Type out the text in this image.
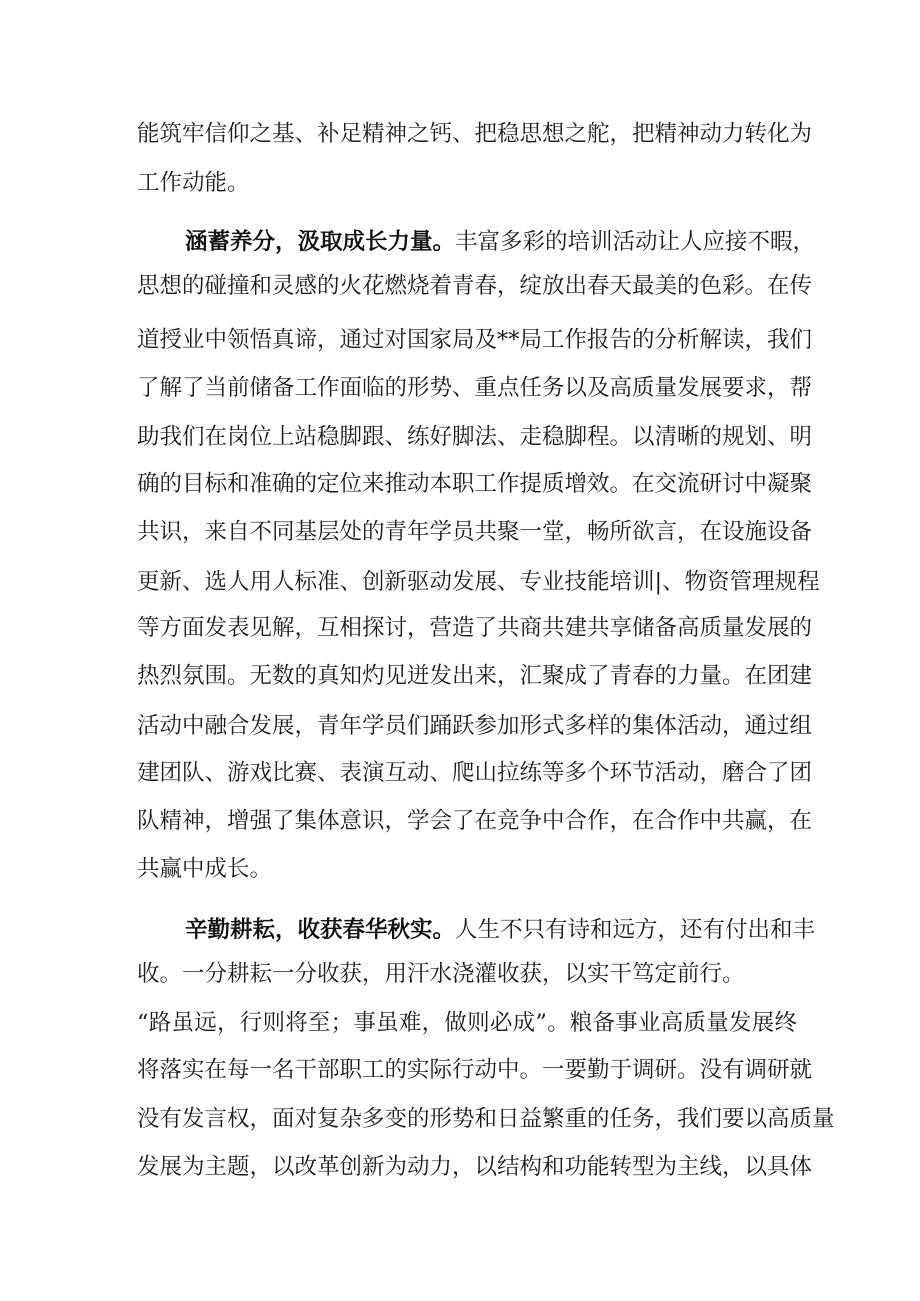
能筑牢信仰之基、补足精神之钙、把稳思想之舵，把精神动力转化为
工作动能。
涵蓄养分，汲取成长力量。丰富多彩的培训活动让人应接不暇，
思想的碰撞和灵感的火花燃烧着青春，绽放出春天最美的色彩。在传
道授业中领悟真谛，通过对国家局及**局工作报告的分析解读，我们
了解了当前储备工作面临的形势、重点任务以及高质量发展要求，帮
助我们在岗位上站稳脚跟、练好脚法、走稳脚程。以清晰的规划、明
确的目标和准确的定位来推动本职工作提质增效。在交流研讨中凝聚
共识，来自不同基层处的青年学员共聚一堂，畅所欲言，在设施设备
更新、选人用人标准、创新驱动发展、专业技能培训|、物资管理规程
等方面发表见解，互相探讨，营造了共商共建共享储备高质量发展的
热烈氛围。无数的真知灼见迸发出来，汇聚成了青春的力量。在团建
活动中融合发展，青年学员们踊跃参加形式多样的集体活动，通过组
建团队、游戏比赛、表演互动、爬山拉练等多个环节活动，磨合了团
队精神，增强了集体意识，学会了在竞争中合作，在合作中共赢，在
共赢中成长。
辛勤耕耘，收获春华秋实。人生不只有诗和远方，还有付出和丰
收。一分耕耘一分收获，用汗水浇灌收获，以实干笃定前行。
“路虽远，行则将至；事虽难，做则必成”。粮备事业高质量发展终
将落实在每一名干部职工的实际行动中。一要勤于调研。没有调研就
没有发言权，面对复杂多变的形势和日益繁重的任务，我们要以高质量
发展为主题，以改革创新为动力，以结构和功能转型为主线，以具体
